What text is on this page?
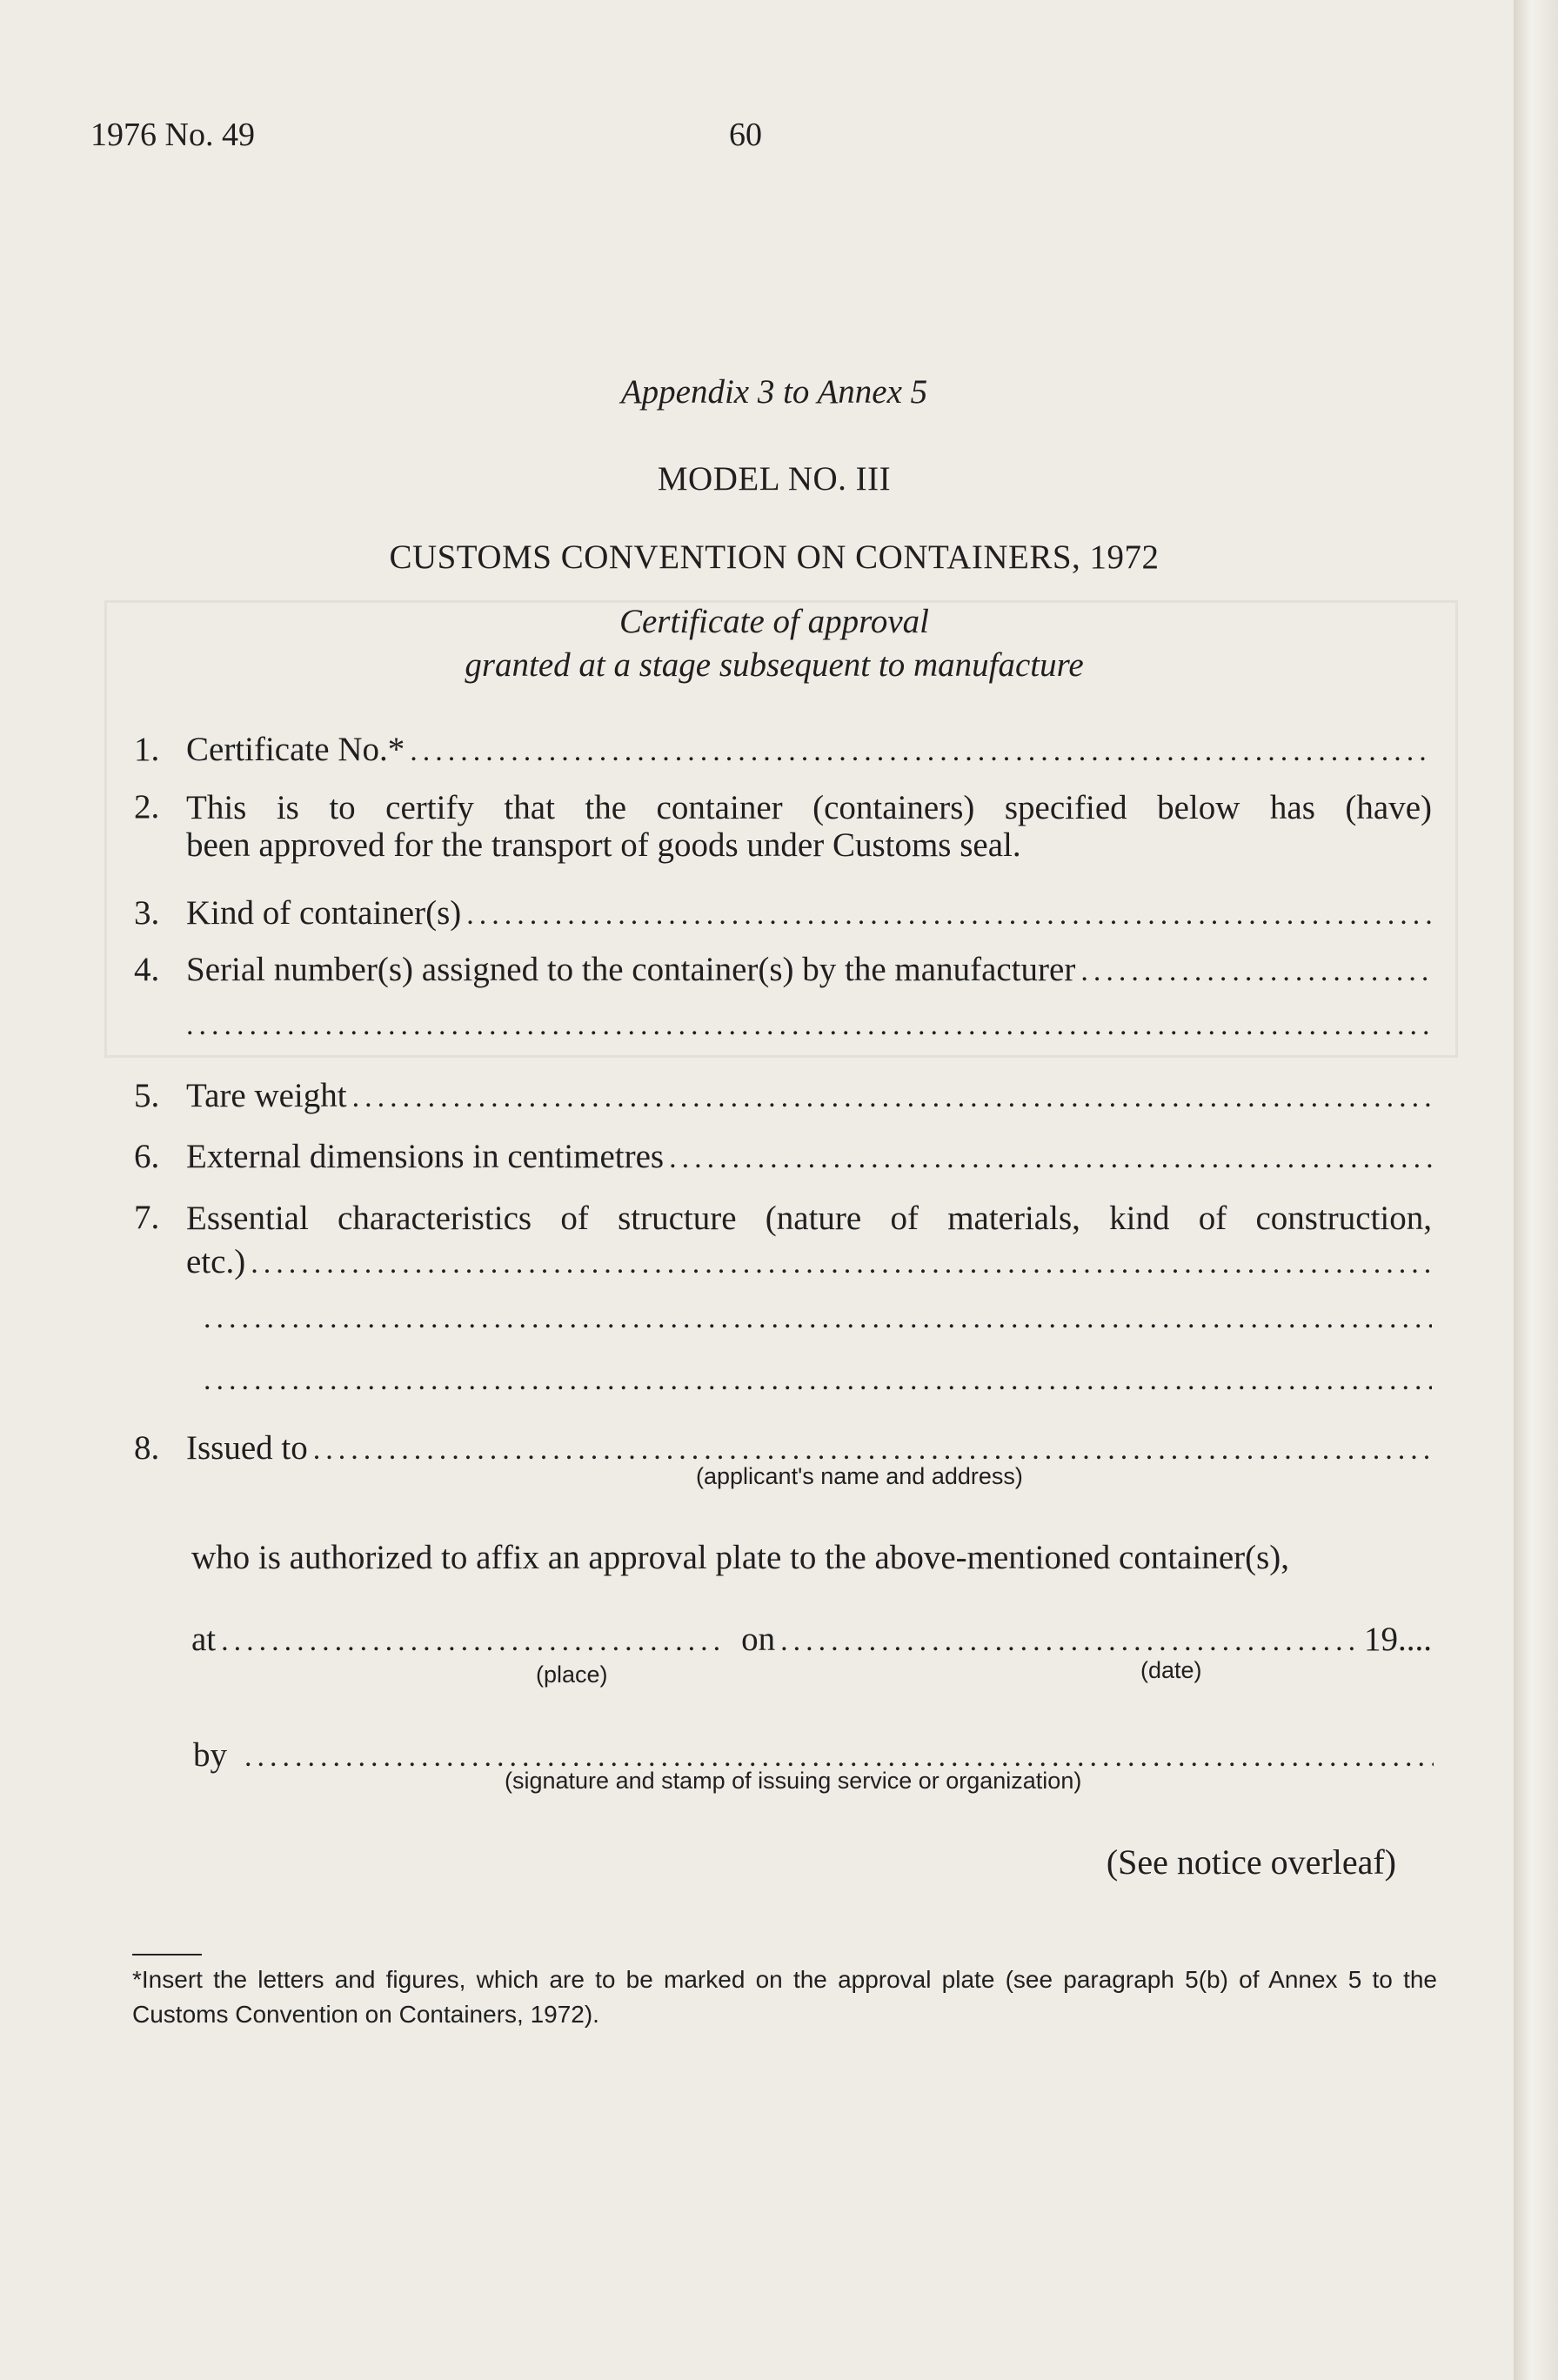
1976 No. 49	60
Appendix 3 to Annex 5
MODEL NO. III
CUSTOMS CONVENTION ON CONTAINERS, 1972
Certificate of approval
granted at a stage subsequent to manufacture
1. Certificate No.*
.....
2. This is to certify that the container (containers) specified below has (have)
been approved for the transport of goods under Customs seal.
3. Kind of container(s)
.....
4. Serial number(s) assigned to the container(s) by the manufacturer
.....
.....
5. Tare weight
.....
6. External dimensions in centimetres
.....
7. Essential characteristics of structure (nature of materials, kind of construction,
etc.)
.....
.....
.....
8. Issued to
.....
(applicant's name and address)
who is authorized to affix an approval plate to the above-mentioned container(s),
at .....	on .....	19....
(place)	(date)
by
.....
(signature and stamp of issuing service or organization)
(See notice overleaf)
*Insert the letters and figures, which are to be marked on the approval plate (see paragraph 5(b) of Annex 5 to the Customs Convention on Containers, 1972).
